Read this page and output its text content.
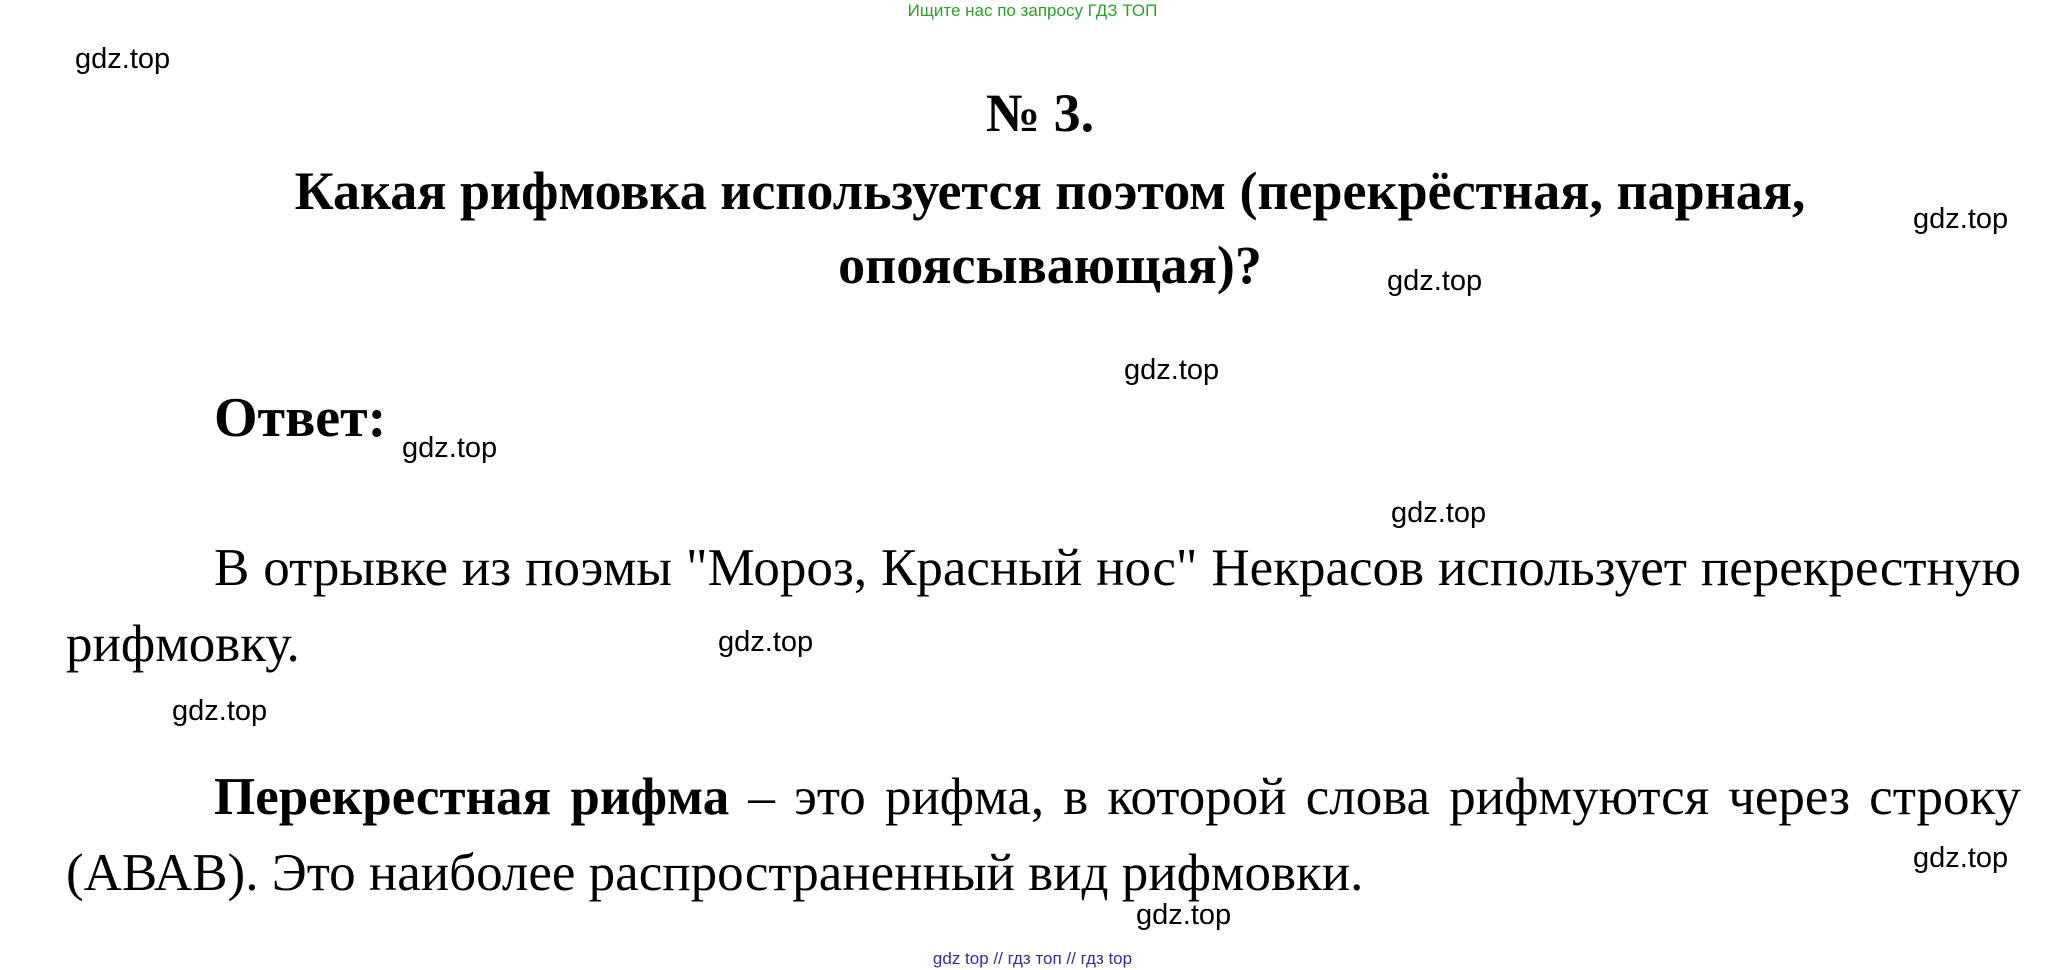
Ищите нас по запросу ГДЗ ТОП
gdz.top
№ 3.
Какая рифмовка используется поэтом (перекрёстная, парная, опоясывающая)?
gdz.top
gdz.top
gdz.top
Ответ: gdz.top
gdz.top
В отрывке из поэмы "Мороз, Красный нос" Некрасов использует перекрестную рифмовку.	gdz.top
gdz.top
Перекрестная рифма – это рифма, в которой слова рифмуются через строку (АВАВ). Это наиболее распространенный вид рифмовки.	gdz.top
gdz.top
gdz top // гдз топ // гдз top
